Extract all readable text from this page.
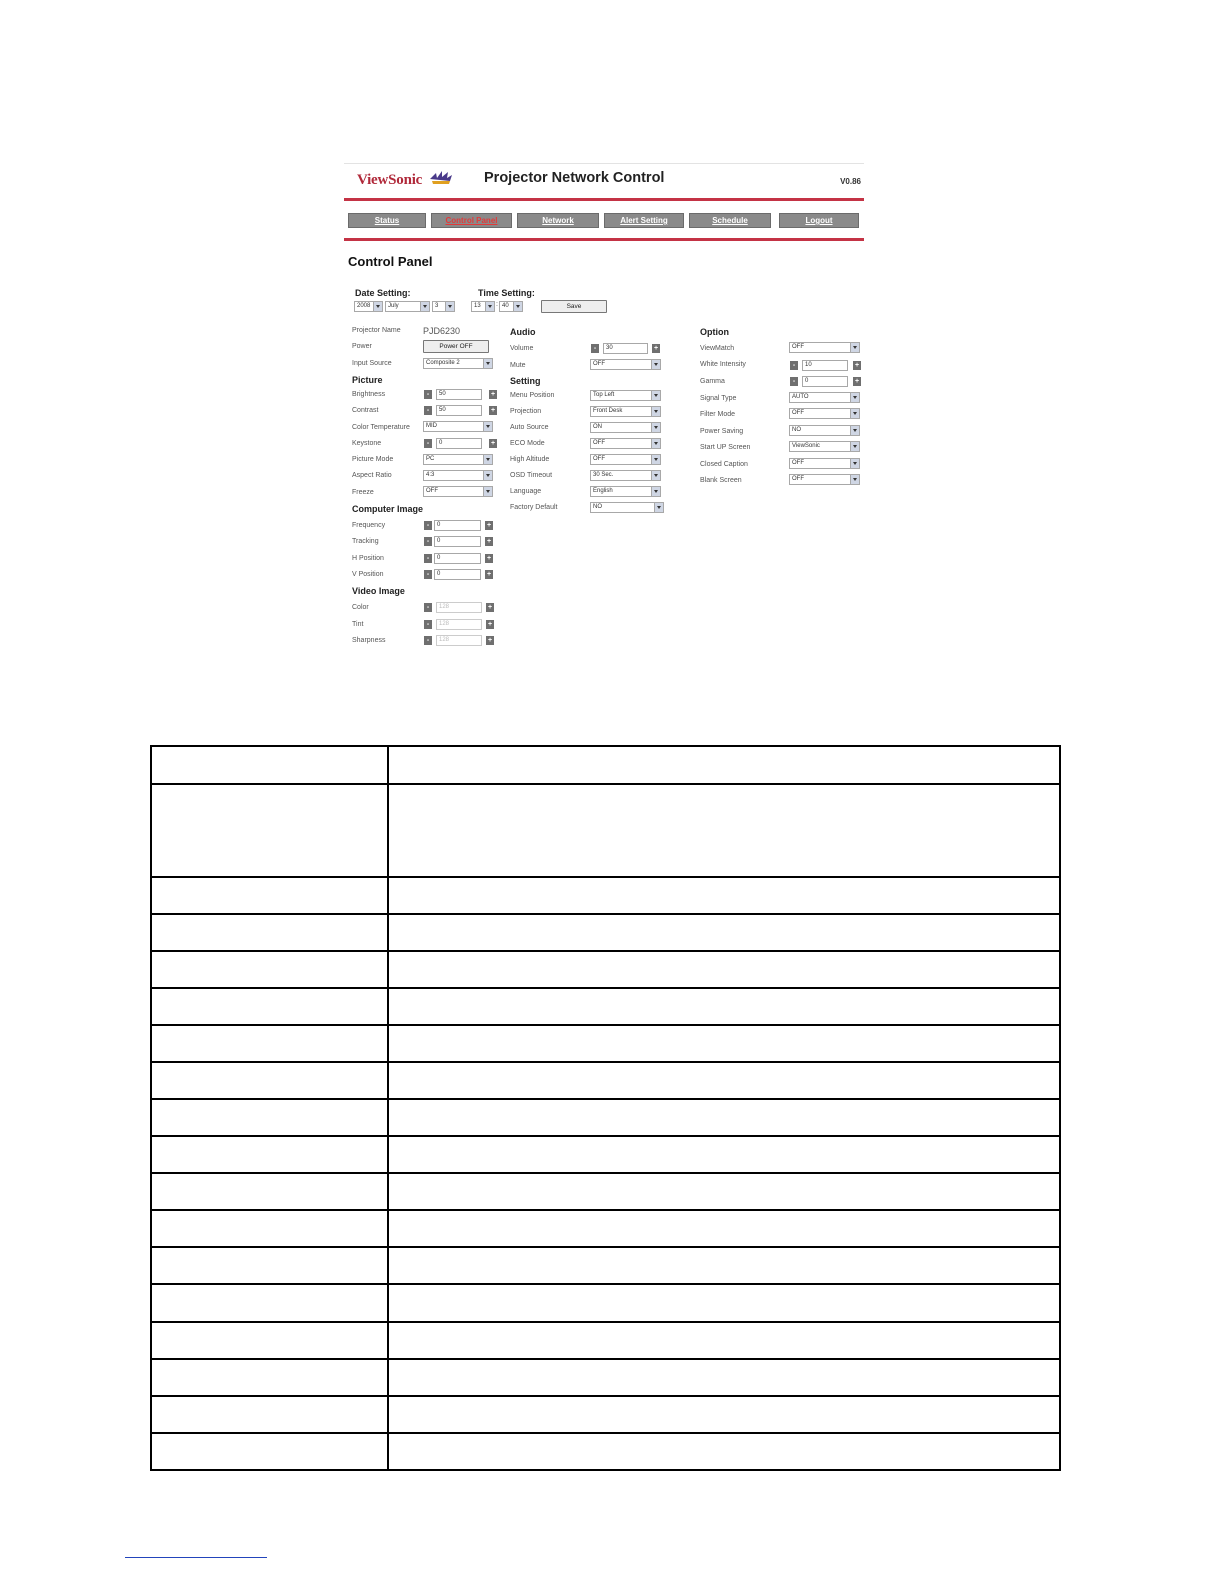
ViewSonic	Projector Network Control	V0.86
Status	Control Panel	Network	Alert Setting	Schedule	Logout
Control Panel
Date Setting:	Time Setting:
2008	July	3	13	: 40	Save
Projector Name PJD6230
Power	Power OFF
Input Source	Composite 2
Picture
Brightness	-	50	+
Contrast	-	50	+
Color Temperature	MID
Keystone	-	0	+
Picture Mode	PC
Aspect Ratio	4:3
Freeze	OFF
Computer Image
Frequency	-	0	+
Tracking	-	0	+
H Position	-	0	+
V Position	-	0	+
Video Image
Color	-	128	+
Tint	-	128	+
Sharpness	-	128	+
Audio
Volume	-	30	+
Mute	OFF
Setting
Menu Position	Top Left
Projection	Front Desk
Auto Source	ON
ECO Mode	OFF
High Altitude	OFF
OSD Timeout	30 Sec.
Language	English
Factory Default	NO
Option
ViewMatch	OFF
White Intensity	-	10	+
Gamma	-	0	+
Signal Type	AUTO
Filter Mode	OFF
Power Saving	NO
Start UP Screen	ViewSonic
Closed Caption	OFF
Blank Screen	OFF
